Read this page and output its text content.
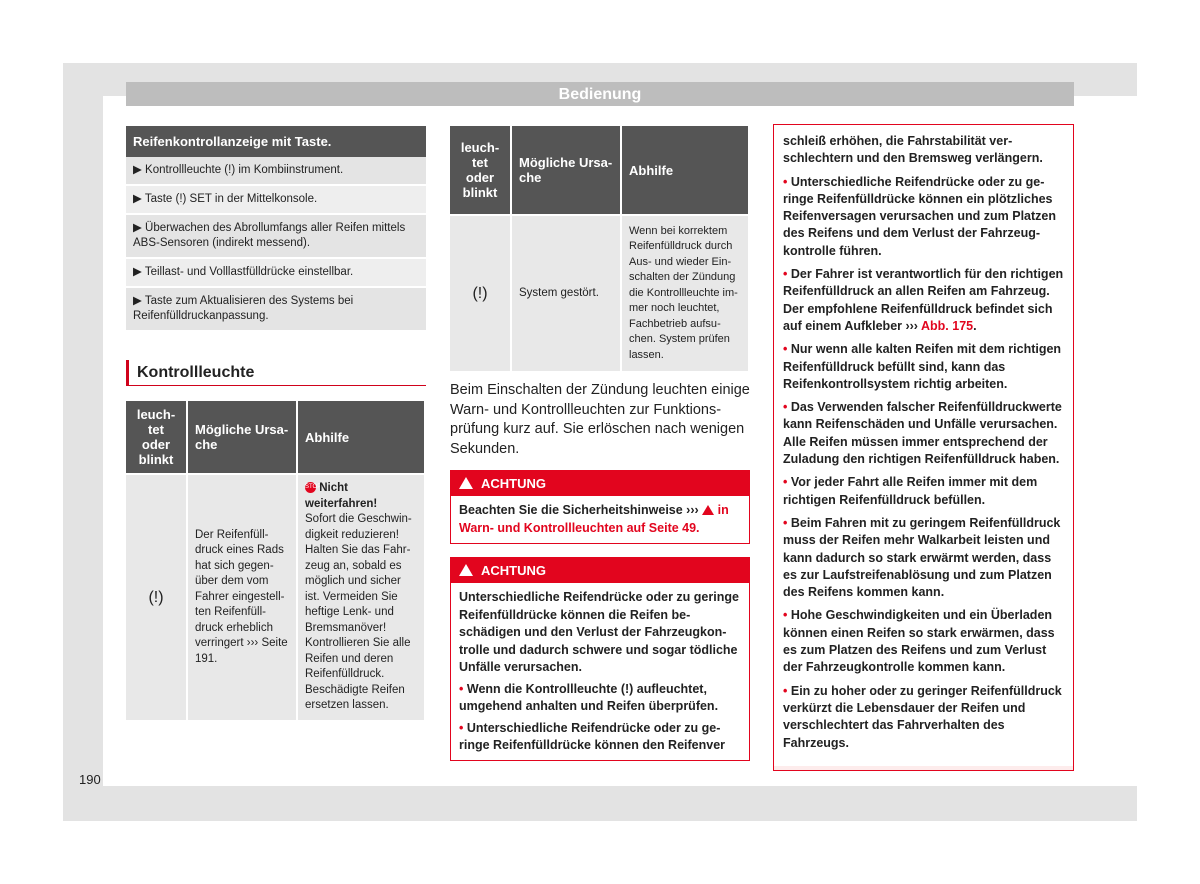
Bedienung
Reifenkontrollanzeige mit Taste.
▶ Kontrollleuchte (!) im Kombiinstrument.
▶ Taste (!) SET in der Mittelkonsole.
▶ Überwachen des Abrollumfangs aller Reifen mittels ABS-Sensoren (indirekt messend).
▶ Teillast- und Volllastfülldrücke einstellbar.
▶ Taste zum Aktualisieren des Systems bei Reifenfülldruckanpassung.
Kontrollleuchte
leuchtet oder blinkt	Mögliche Ursache	Abhilfe
(!)	Der Reifenfülldruck eines Rads hat sich gegenüber dem vom Fahrer eingestellten Reifenfülldruck erheblich verringert ››› Seite 191.	STOP Nicht weiterfahren!
Sofort die Geschwindigkeit reduzieren! Halten Sie das Fahrzeug an, sobald es möglich und sicher ist. Vermeiden Sie heftige Lenk- und Bremsmanöver! Kontrollieren Sie alle Reifen und deren Reifenfülldruck. Beschädigte Reifen ersetzen lassen.
leuchtet oder blinkt	Mögliche Ursache	Abhilfe
(!)	System gestört.	Wenn bei korrektem Reifenfülldruck durch Aus- und wieder Einschalten der Zündung die Kontrollleuchte immer noch leuchtet, Fachbetrieb aufsuchen. System prüfen lassen.
Beim Einschalten der Zündung leuchten einige Warn- und Kontrollleuchten zur Funktionsprüfung kurz auf. Sie erlöschen nach wenigen Sekunden.
ACHTUNG
Beachten Sie die Sicherheitshinweise ››› in Warn- und Kontrollleuchten auf Seite 49.
ACHTUNG

Unterschiedliche Reifendrücke oder zu geringe Reifenfülldrücke können die Reifen beschädigen und den Verlust der Fahrzeugkontrolle und dadurch schwere und sogar tödliche Unfälle verursachen.

• Wenn die Kontrollleuchte (!) aufleuchtet, umgehend anhalten und Reifen überprüfen.

• Unterschiedliche Reifendrücke oder zu geringe Reifenfülldrücke können den Reifenver

schleiß erhöhen, die Fahrstabilität verschlechtern und den Bremsweg verlängern.

• Unterschiedliche Reifendrücke oder zu geringe Reifenfülldrücke können ein plötzliches Reifenversagen verursachen und zum Platzen des Reifens und dem Verlust der Fahrzeugkontrolle führen.

• Der Fahrer ist verantwortlich für den richtigen Reifenfülldruck an allen Reifen am Fahrzeug. Der empfohlene Reifenfülldruck befindet sich auf einem Aufkleber ››› Abb. 175.

• Nur wenn alle kalten Reifen mit dem richtigen Reifenfülldruck befüllt sind, kann das Reifenkontrollsystem richtig arbeiten.

• Das Verwenden falscher Reifenfülldruckwerte kann Reifenschäden und Unfälle verursachen. Alle Reifen müssen immer entsprechend der Zuladung den richtigen Reifenfülldruck haben.

• Vor jeder Fahrt alle Reifen immer mit dem richtigen Reifenfülldruck befüllen.

• Beim Fahren mit zu geringem Reifenfülldruck muss der Reifen mehr Walkarbeit leisten und kann dadurch so stark erwärmt werden, dass es zur Laufstreifenablösung und zum Platzen des Reifens kommen kann.

• Hohe Geschwindigkeiten und ein Überladen können einen Reifen so stark erwärmen, dass es zum Platzen des Reifens und zum Verlust der Fahrzeugkontrolle kommen kann.

• Ein zu hoher oder zu geringer Reifenfülldruck verkürzt die Lebensdauer der Reifen und verschlechtert das Fahrverhalten des Fahrzeugs.

190
